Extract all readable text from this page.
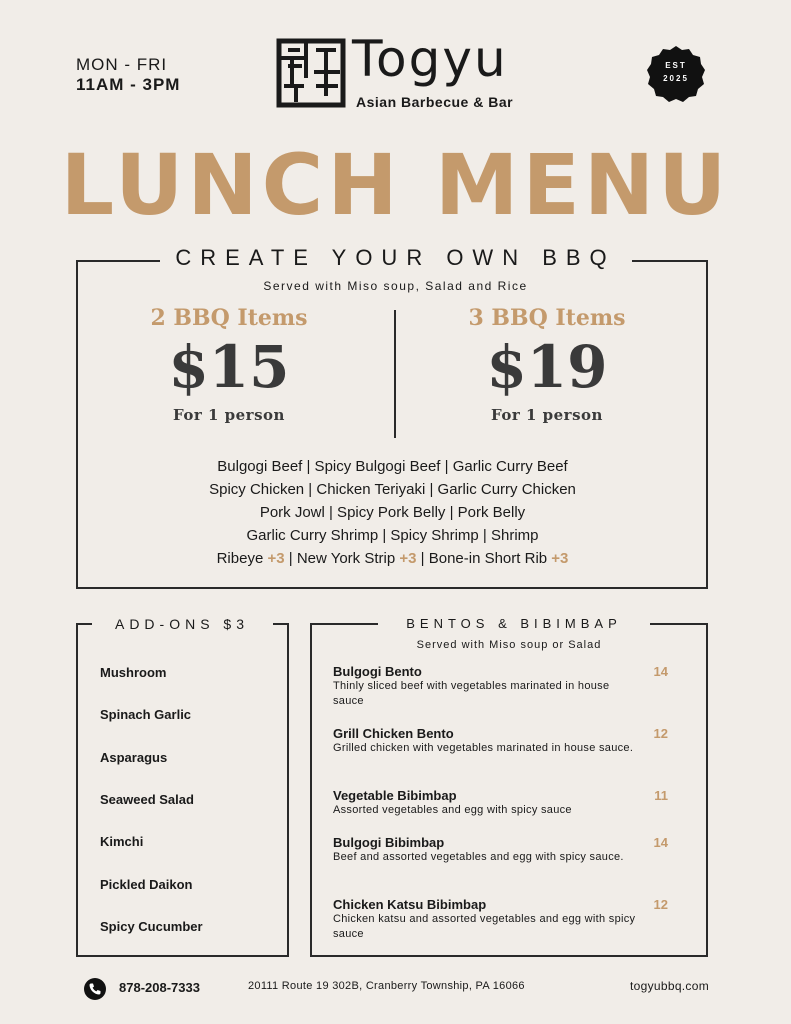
MON - FRI
11AM - 3PM	Togyu
Asian Barbecue & Bar
EST
2025
LUNCH MENU
CREATE YOUR OWN BBQ
Served with Miso soup, Salad and Rice
2 BBQ Items
$15
For 1 person
3 BBQ Items
$19
For 1 person
Bulgogi Beef | Spicy Bulgogi Beef | Garlic Curry Beef
Spicy Chicken | Chicken Teriyaki | Garlic Curry Chicken
Pork Jowl | Spicy Pork Belly | Pork Belly
Garlic Curry Shrimp | Spicy Shrimp | Shrimp
Ribeye +3 | New York Strip +3 | Bone-in Short Rib +3
Mushroom
Spinach Garlic
Asparagus
Seaweed Salad
Kimchi
Pickled Daikon
Spicy Cucumber
ADD-ONS $3
Bulgogi Bento
Thinly sliced beef with vegetables marinated in house sauce
14
Grill Chicken Bento
Grilled chicken with vegetables marinated in house sauce.
12
Vegetable Bibimbap
Assorted vegetables and egg with spicy sauce
11
Bulgogi Bibimbap
Beef and assorted vegetables and egg with spicy sauce.
14
Chicken Katsu Bibimbap
Chicken katsu and assorted vegetables and egg with spicy sauce
12
BENTOS & BIBIMBAP
Served with Miso soup or Salad
878-208-7333	20111 Route 19 302B, Cranberry Township, PA 16066	togyubbq.com
